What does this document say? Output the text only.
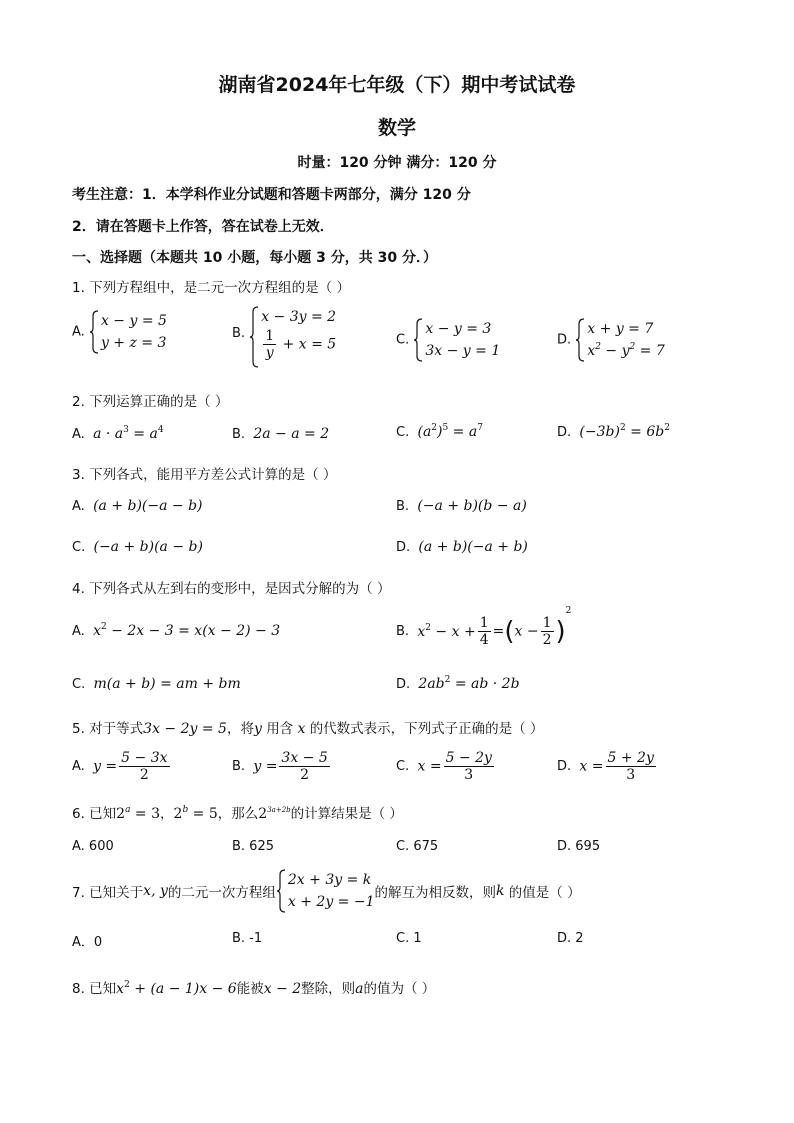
湖南省2024年七年级（下）期中考试试卷
数学
时量：120 分钟 满分：120 分
考生注意：1．本学科作业分试题和答题卡两部分，满分 120 分
2．请在答题卡上作答，答在试卷上无效．
一、选择题（本题共 10 小题，每小题 3 分，共 30 分．）
1. 下列方程组中，是二元一次方程组的是（ ）
A.
x − y = 5
y + z = 3
B.
x − 3y = 2
$\frac{1}{y} + x = 5$	C.
x − y = 3
3x − y = 1
D.
x + y = 7
$x^2 - y^2 = 7$
2. 下列运算正确的是（ ）
A. $a \cdot a^3 = a^4$	B. 2a − a = 2	C. $(a^2)^5 = a^7$	D. $(-3b)^2 = 6b^2$
3. 下列各式，能用平方差公式计算的是（ ）
A. (a + b)(−a − b)	B. (−a + b)(b − a)
C. (−a + b)(a − b)	D. (a + b)(−a + b)
4. 下列各式从左到右的变形中，是因式分解的为（ ）
A. $x^2 - 2x - 3 = x(x - 2) - 3$	B. $x^2 - x + \frac{1}{4} =(x - \frac{1}{2} )^2$
C. m(a + b) = am + bm	D. $2ab^2$ = ab · 2b
5. 对于等式3x − 2y = 5，将y 用含 x 的代数式表示，下列式子正确的是（ ）
A. $y = \frac{5 - 3x}{2}$	B. $y = \frac{3x - 5}{2}$	C. $x = \frac{5 - 2y}{3}$	D. $x = \frac{5 + 2y}{3}$
6. 已知$2^a = 3$，$2^b = 5$，那么$2^{3a+2b}$的计算结果是（ ）
A. 600	B. 625	C. 675	D. 695
7. 已知关于x, y的二元一次方程组
2x + 3y = k
x + 2y = −1
的解互为相反数，则k 的值是（ ）
A．0	B. -1	C. 1	D. 2
8. 已知$x^2 + (a - 1)x - 6$能被x − 2整除，则a的值为（ ）
